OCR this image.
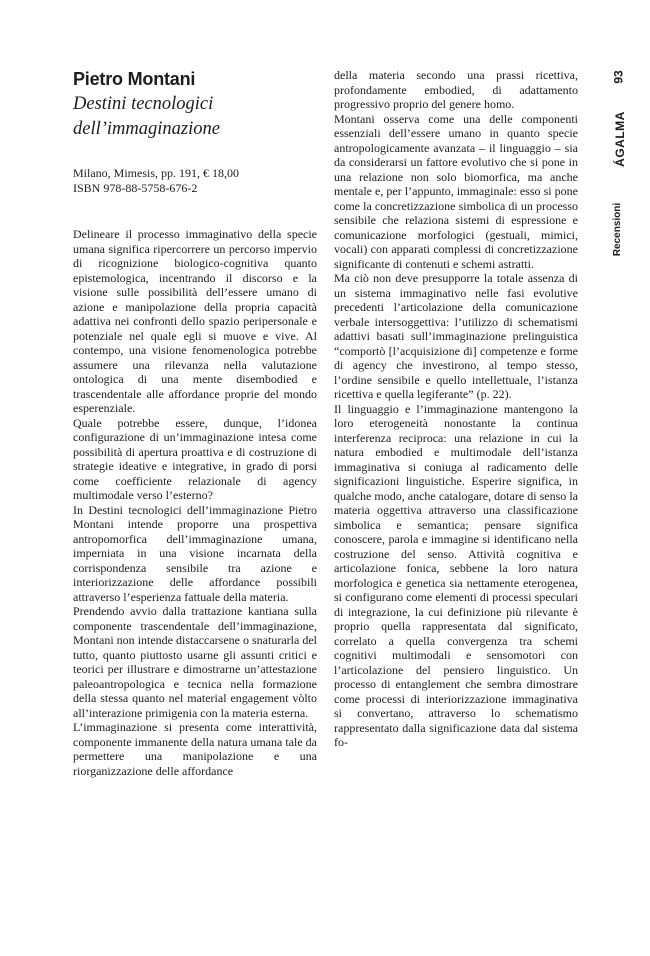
93
ÁGALMA
Recensioni
Pietro Montani
Destini tecnologici
dell’immaginazione
Milano, Mimesis, pp. 191, € 18,00
ISBN 978-88-5758-676-2

Delineare il processo immaginativo della specie umana significa ripercorrere un percorso impervio di ricognizione biologico-cognitiva quanto epistemologica, incentrando il discorso e la visione sulle possibilità dell’essere umano di azione e manipolazione della propria capacità adattiva nei confronti dello spazio peripersonale e potenziale nel quale egli si muove e vive. Al contempo, una visione fenomenologica potrebbe assumere una rilevanza nella valutazione ontologica di una mente disembodied e trascendentale alle affordance proprie del mondo esperenziale.

Quale potrebbe essere, dunque, l’idonea configurazione di un’immaginazione intesa come possibilità di apertura proattiva e di costruzione di strategie ideative e integrative, in grado di porsi come coefficiente relazionale di agency multimodale verso l’esterno?

In Destini tecnologici dell’immaginazione Pietro Montani intende proporre una prospettiva antropomorfica dell’immaginazione umana, imperniata in una visione incarnata della corrispondenza sensibile tra azione e interiorizzazione delle affordance possibili attraverso l’esperienza fattuale della materia.

Prendendo avvio dalla trattazione kantiana sulla componente trascendentale dell’immaginazione, Montani non intende distaccarsene o snaturarla del tutto, quanto piuttosto usarne gli assunti critici e teorici per illustrare e dimostrarne un’attestazione paleoantropologica e tecnica nella formazione della stessa quanto nel material engagement vòlto all’interazione primigenia con la materia esterna.

L’immaginazione si presenta come interattività, componente immanente della natura umana tale da permettere una manipolazione e una riorganizzazione delle affordance

della materia secondo una prassi ricettiva, profondamente embodied, di adattamento progressivo proprio del genere homo.

Montani osserva come una delle componenti essenziali dell’essere umano in quanto specie antropologicamente avanzata – il linguaggio – sia da considerarsi un fattore evolutivo che si pone in una relazione non solo biomorfica, ma anche mentale e, per l’appunto, immaginale: esso si pone come la concretizzazione simbolica di un processo sensibile che relaziona sistemi di espressione e comunicazione morfologici (gestuali, mimici, vocali) con apparati complessi di concretizzazione significante di contenuti e schemi astratti.

Ma ciò non deve presupporre la totale assenza di un sistema immaginativo nelle fasi evolutive precedenti l’articolazione della comunicazione verbale intersoggettiva: l’utilizzo di schematismi adattivi basati sull’immaginazione prelinguistica “comportò [l’acquisizione di] competenze e forme di agency che investirono, al tempo stesso, l’ordine sensibile e quello intellettuale, l’istanza ricettiva e quella legiferante” (p. 22).

Il linguaggio e l’immaginazione mantengono la loro eterogeneità nonostante la continua interferenza reciproca: una relazione in cui la natura embodied e multimodale dell’istanza immaginativa si coniuga al radicamento delle significazioni linguistiche. Esperire significa, in qualche modo, anche catalogare, dotare di senso la materia oggettiva attraverso una classificazione simbolica e semantica; pensare significa conoscere, parola e immagine si identificano nella costruzione del senso. Attività cognitiva e articolazione fonica, sebbene la loro natura morfologica e genetica sia nettamente eterogenea, si configurano come elementi di processi speculari di integrazione, la cui definizione più rilevante è proprio quella rappresentata dal significato, correlato a quella convergenza tra schemi cognitivi multimodali e sensomotori con l’articolazione del pensiero linguistico. Un processo di entanglement che sembra dimostrare come processi di interiorizzazione immaginativa si convertano, attraverso lo schematismo rappresentato dalla significazione data dal sistema fo-
